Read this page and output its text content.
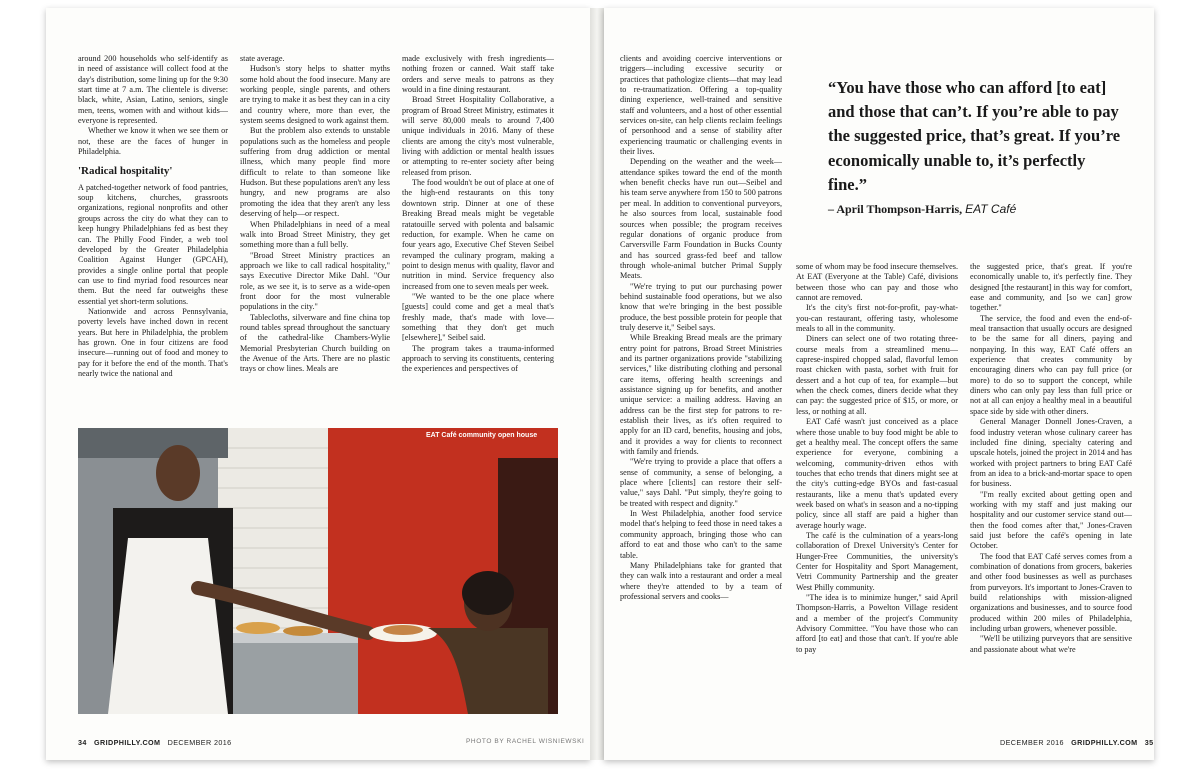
around 200 households who self-identify as in need of assistance will collect food at the day's distribution, some lining up for the 9:30 start time at 7 a.m. The clientele is diverse: black, white, Asian, Latino, seniors, single men, teens, women with and without kids—everyone is represented.

Whether we know it when we see them or not, these are the faces of hunger in Philadelphia.

'Radical hospitality'

A patched-together network of food pantries, soup kitchens, churches, grassroots organizations, regional nonprofits and other groups across the city do what they can to keep hungry Philadelphians fed as best they can. The Philly Food Finder, a web tool developed by the Greater Philadelphia Coalition Against Hunger (GPCAH), provides a single online portal that people can use to find myriad food resources near them. But the need far outweighs these essential yet short-term solutions.

Nationwide and across Pennsylvania, poverty levels have inched down in recent years. But here in Philadelphia, the problem has grown. One in four citizens are food insecure—running out of food and money to pay for it before the end of the month. That's nearly twice the national and

state average.

Hudson's story helps to shatter myths some hold about the food insecure. Many are working people, single parents, and others are trying to make it as best they can in a city and country where, more than ever, the system seems designed to work against them.

But the problem also extends to unstable populations such as the homeless and people suffering from drug addiction or mental illness, which many people find more difficult to relate to than someone like Hudson. But these populations aren't any less hungry, and new programs are also promoting the idea that they aren't any less deserving of help—or respect.

When Philadelphians in need of a meal walk into Broad Street Ministry, they get something more than a full belly.

"Broad Street Ministry practices an approach we like to call radical hospitality," says Executive Director Mike Dahl. "Our role, as we see it, is to serve as a wide-open front door for the most vulnerable populations in the city."

Tablecloths, silverware and fine china top round tables spread throughout the sanctuary of the cathedral-like Chambers-Wylie Memorial Presbyterian Church building on the Avenue of the Arts. There are no plastic trays or chow lines. Meals are

made exclusively with fresh ingredients—nothing frozen or canned. Wait staff take orders and serve meals to patrons as they would in a fine dining restaurant.

Broad Street Hospitality Collaborative, a program of Broad Street Ministry, estimates it will serve 80,000 meals to around 7,400 unique individuals in 2016. Many of these clients are among the city's most vulnerable, living with addiction or mental health issues or attempting to re-enter society after being released from prison.

The food wouldn't be out of place at one of the high-end restaurants on this tony downtown strip. Dinner at one of these Breaking Bread meals might be vegetable ratatouille served with polenta and balsamic reduction, for example. When he came on four years ago, Executive Chef Steven Seibel revamped the culinary program, making a point to design menus with quality, flavor and nutrition in mind. Service frequency also increased from one to seven meals per week.

"We wanted to be the one place where [guests] could come and get a meal that's freshly made, that's made with love—something that they don't get much [elsewhere]," Seibel said.

The program takes a trauma-informed approach to serving its constituents, centering the experiences and perspectives of

EAT Café community open house
34 GRIDPHILLY.COM DECEMBER 2016	PHOTO BY RACHEL WISNIEWSKI

clients and avoiding coercive interventions or triggers—including excessive security or practices that pathologize clients—that may lead to re-traumatization. Offering a top-quality dining experience, well-trained and sensitive staff and volunteers, and a host of other essential services on-site, can help clients reclaim feelings of personhood and a sense of stability after experiencing traumatic or challenging events in their lives.

Depending on the weather and the week—attendance spikes toward the end of the month when benefit checks have run out—Seibel and his team serve anywhere from 150 to 500 patrons per meal. In addition to conventional purveyors, he also sources from local, sustainable food sources when possible; the program receives regular donations of organic produce from Carversville Farm Foundation in Bucks County and has sourced grass-fed beef and tallow through whole-animal butcher Primal Supply Meats.

"We're trying to put our purchasing power behind sustainable food operations, but we also know that we're bringing in the best possible produce, the best possible protein for people that truly deserve it," Seibel says.

While Breaking Bread meals are the primary entry point for patrons, Broad Street Ministries and its partner organizations provide "stabilizing services," like distributing clothing and personal care items, offering health screenings and assistance signing up for benefits, and another unique service: a mailing address. Having an address can be the first step for patrons to re-establish their lives, as it's often required to apply for an ID card, benefits, housing and jobs, and it provides a way for clients to reconnect with family and friends.

"We're trying to provide a place that offers a sense of community, a sense of belonging, a place where [clients] can restore their self-value," says Dahl. "Put simply, they're going to be treated with respect and dignity."

In West Philadelphia, another food service model that's helping to feed those in need takes a community approach, bringing those who can afford to eat and those who can't to the same table.

Many Philadelphians take for granted that they can walk into a restaurant and order a meal where they're attended to by a team of professional servers and cooks—

“You have those who can afford [to eat] and those that can’t. If you’re able to pay the suggested price, that’s great. If you’re economically unable to, it’s perfectly fine.”
– April Thompson-Harris, EAT Café

some of whom may be food insecure themselves. At EAT (Everyone at the Table) Café, divisions between those who can pay and those who cannot are removed.

It's the city's first not-for-profit, pay-what-you-can restaurant, offering tasty, wholesome meals to all in the community.

Diners can select one of two rotating three-course meals from a streamlined menu—caprese-inspired chopped salad, flavorful lemon roast chicken with pasta, sorbet with fruit for dessert and a hot cup of tea, for example—but when the check comes, diners decide what they can pay: the suggested price of $15, or more, or less, or nothing at all.

EAT Café wasn't just conceived as a place where those unable to buy food might be able to get a healthy meal. The concept offers the same experience for everyone, combining a welcoming, community-driven ethos with touches that echo trends that diners might see at the city's cutting-edge BYOs and fast-casual restaurants, like a menu that's updated every week based on what's in season and a no-tipping policy, since all staff are paid a higher than average hourly wage.

The café is the culmination of a years-long collaboration of Drexel University's Center for Hunger-Free Communities, the university's Center for Hospitality and Sport Management, Vetri Community Partnership and the greater West Philly community.

"The idea is to minimize hunger," said April Thompson-Harris, a Powelton Village resident and a member of the project's Community Advisory Committee. "You have those who can afford [to eat] and those that can't. If you're able to pay

the suggested price, that's great. If you're economically unable to, it's perfectly fine. They designed [the restaurant] in this way for comfort, ease and community, and [so we can] grow together."

The service, the food and even the end-of-meal transaction that usually occurs are designed to be the same for all diners, paying and nonpaying. In this way, EAT Café offers an experience that creates community by encouraging diners who can pay full price (or more) to do so to support the concept, while diners who can only pay less than full price or not at all can enjoy a healthy meal in a beautiful space side by side with other diners.

General Manager Donnell Jones-Craven, a food industry veteran whose culinary career has included fine dining, specialty catering and upscale hotels, joined the project in 2014 and has worked with project partners to bring EAT Café from an idea to a brick-and-mortar space to open for business.

"I'm really excited about getting open and working with my staff and just making our hospitality and our customer service stand out—then the food comes after that," Jones-Craven said just before the café's opening in late October.

The food that EAT Café serves comes from a combination of donations from grocers, bakeries and other food businesses as well as purchases from purveyors. It's important to Jones-Craven to build relationships with mission-aligned organizations and businesses, and to source food produced within 200 miles of Philadelphia, including urban growers, whenever possible.

"We'll be utilizing purveyors that are sensitive and passionate about what we're

DECEMBER 2016 GRIDPHILLY.COM 35
